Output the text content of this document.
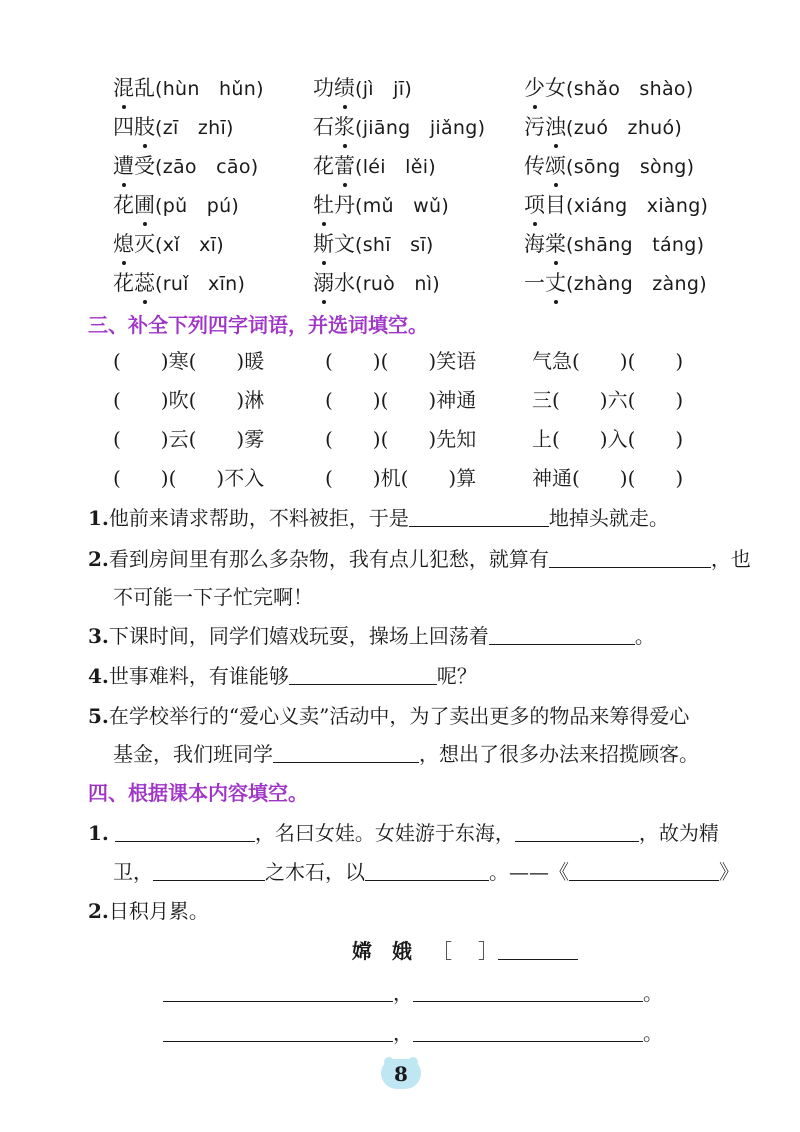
混乱(hùn　hǔn) 功绩(jì　jī)	少女(shǎo　shào)
四肢(zī　zhī)	石浆(jiāng　jiǎng) 污浊(zuó　zhuó)
遭受(zāo　cāo)	花蕾(léi　lěi)	传颂(sōng　sòng)
花圃(pǔ　pú)	牡丹(mǔ　wǔ)	项目(xiáng　xiàng)
熄灭(xǐ　xī)	斯文(shī　sī)	海棠(shāng　táng)
花蕊(ruǐ　xīn)	溺水(ruò　nì)	一丈(zhàng　zàng)
三、补全下列四字词语，并选词填空。
(　　)寒(　　)暖	(　　)(　　)笑语	气急(　　)(　　)
(　　)吹(　　)淋	(　　)(　　)神通	三(　　)六(　　)
(　　)云(　　)雾	(　　)(　　)先知	上(　　)入(　　)
(　　)(　　)不入	(　　)机(　　)算	神通(　　)(　　)
1.他前来请求帮助，不料被拒，于是	地掉头就走。
2.看到房间里有那么多杂物，我有点儿犯愁，就算有	，也
不可能一下子忙完啊！
3.下课时间，同学们嬉戏玩耍，操场上回荡着	。
4.世事难料，有谁能够	呢？
5.在学校举行的“爱心义卖”活动中，为了卖出更多的物品来筹得爱心
基金，我们班同学	，想出了很多办法来招揽顾客。
四、根据课本内容填空。
1.	，名曰女娃。女娃游于东海，	，故为精
卫，	之木石，以	。——《	》
2.日积月累。
嫦　娥 ［ ］
，	。
，	。
8
